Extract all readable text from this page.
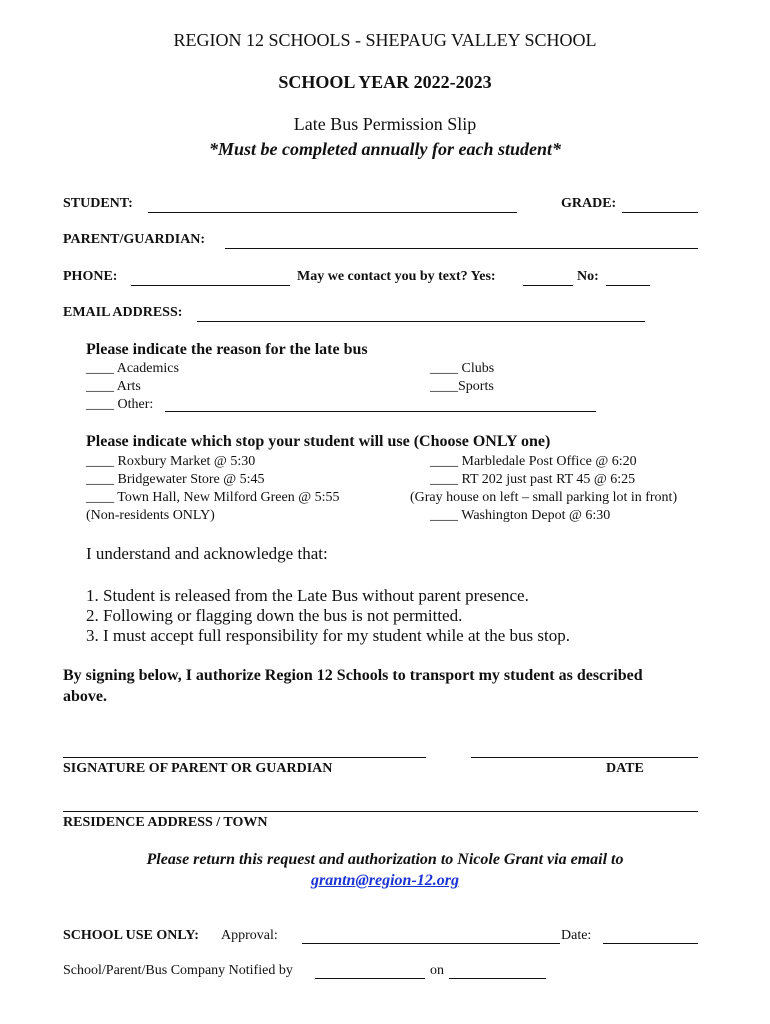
REGION 12 SCHOOLS - SHEPAUG VALLEY SCHOOL
SCHOOL YEAR 2022-2023
Late Bus Permission Slip
*Must be completed annually for each student*
STUDENT:	GRADE:
PARENT/GUARDIAN:
PHONE:	May we contact you by text? Yes:	No:
EMAIL ADDRESS:
Please indicate the reason for the late bus
____ Academics
____ Arts
____ Other:
____ Clubs
____Sports
Please indicate which stop your student will use (Choose ONLY one)
____ Roxbury Market @ 5:30
____ Bridgewater Store @ 5:45
____ Town Hall, New Milford Green @ 5:55
(Non-residents ONLY)
____ Marbledale Post Office @ 6:20
____ RT 202 just past RT 45 @ 6:25
(Gray house on left – small parking lot in front)
____ Washington Depot @ 6:30
I understand and acknowledge that:
1. Student is released from the Late Bus without parent presence.
2. Following or flagging down the bus is not permitted.
3. I must accept full responsibility for my student while at the bus stop.
By signing below, I authorize Region 12 Schools to transport my student as described
above.
SIGNATURE OF PARENT OR GUARDIAN	DATE
RESIDENCE ADDRESS / TOWN
Please return this request and authorization to Nicole Grant via email to
grantn@region-12.org
SCHOOL USE ONLY: Approval:	Date:
School/Parent/Bus Company Notified by	on
